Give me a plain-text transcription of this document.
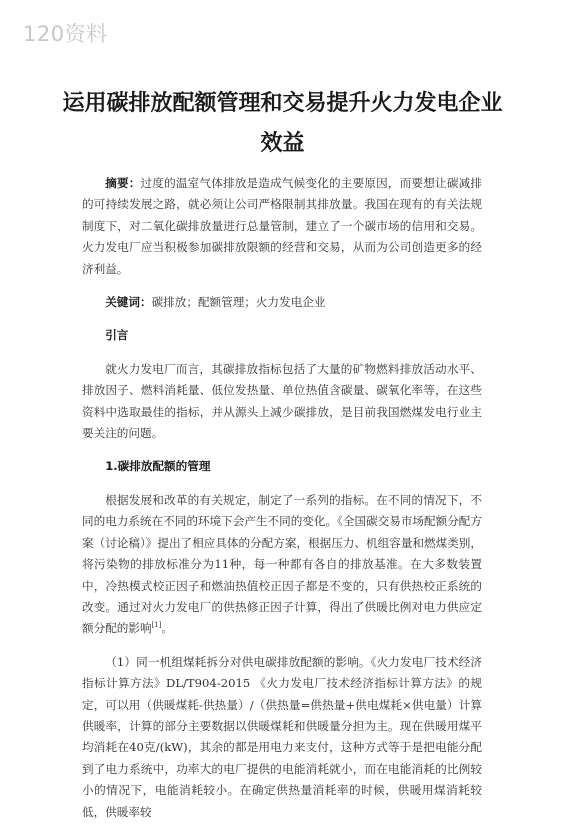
120资料
运用碳排放配额管理和交易提升火力发电企业效益

摘要：过度的温室气体排放是造成气候变化的主要原因，而要想让碳减排的可持续发展之路，就必须让公司严格限制其排放量。我国在现有的有关法规制度下，对二氧化碳排放量进行总量管制，建立了一个碳市场的信用和交易。火力发电厂应当积极参加碳排放限额的经营和交易，从而为公司创造更多的经济利益。

关键词：碳排放；配额管理；火力发电企业

引言

就火力发电厂而言，其碳排放指标包括了大量的矿物燃料排放活动水平、排放因子、燃料消耗量、低位发热量、单位热值含碳量、碳氧化率等，在这些资料中选取最佳的指标，并从源头上减少碳排放，是目前我国燃煤发电行业主要关注的问题。

1.碳排放配额的管理

根据发展和改革的有关规定，制定了一系列的指标。在不同的情况下，不同的电力系统在不同的环境下会产生不同的变化。《全国碳交易市场配额分配方案（讨论稿）》提出了相应具体的分配方案，根据压力、机组容量和燃煤类别，将污染物的排放标准分为11种，每一种都有各自的排放基准。在大多数装置中，冷热模式校正因子和燃油热值校正因子都是不变的，只有供热校正系统的改变。通过对火力发电厂的供热修正因子计算，得出了供暖比例对电力供应定额分配的影响[1]。

（1）同一机组煤耗拆分对供电碳排放配额的影响。《火力发电厂技术经济指标计算方法》DL/T904-2015 《火力发电厂技术经济指标计算方法》的规定，可以用（供暖煤耗-供热量）/（供热量=供热量+供电煤耗×供电量）计算供暖率，计算的部分主要数据以供暖煤耗和供暖量分担为主。现在供暖用煤平均消耗在40克/(kW)，其余的都是用电力来支付，这种方式等于是把电能分配到了电力系统中，功率大的电厂提供的电能消耗就小，而在电能消耗的比例较小的情况下，电能消耗较小。在确定供热量消耗率的时候，供暖用煤消耗较低，供暖率较
